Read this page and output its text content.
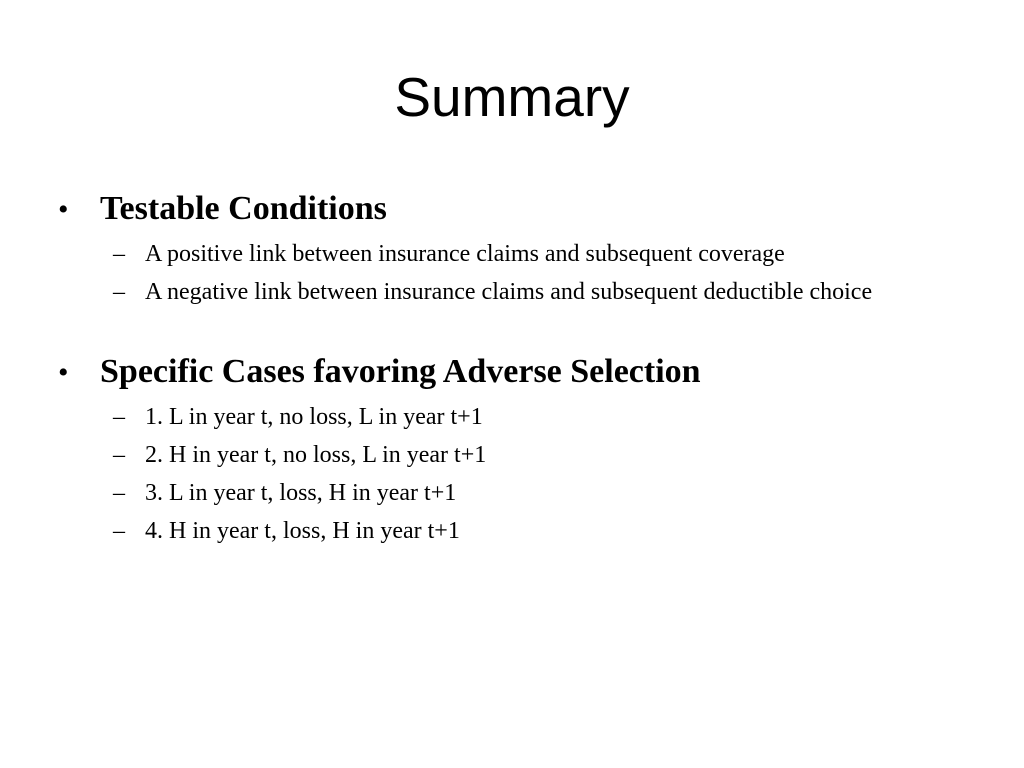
Summary
• Testable Conditions
– A positive link between insurance claims and subsequent coverage
– A negative link between insurance claims and subsequent deductible choice
• Specific Cases favoring Adverse Selection
– 1. L in year t, no loss, L in year t+1
– 2. H in year t, no loss, L in year t+1
– 3. L in year t, loss, H in year t+1
– 4. H in year t, loss, H in year t+1
